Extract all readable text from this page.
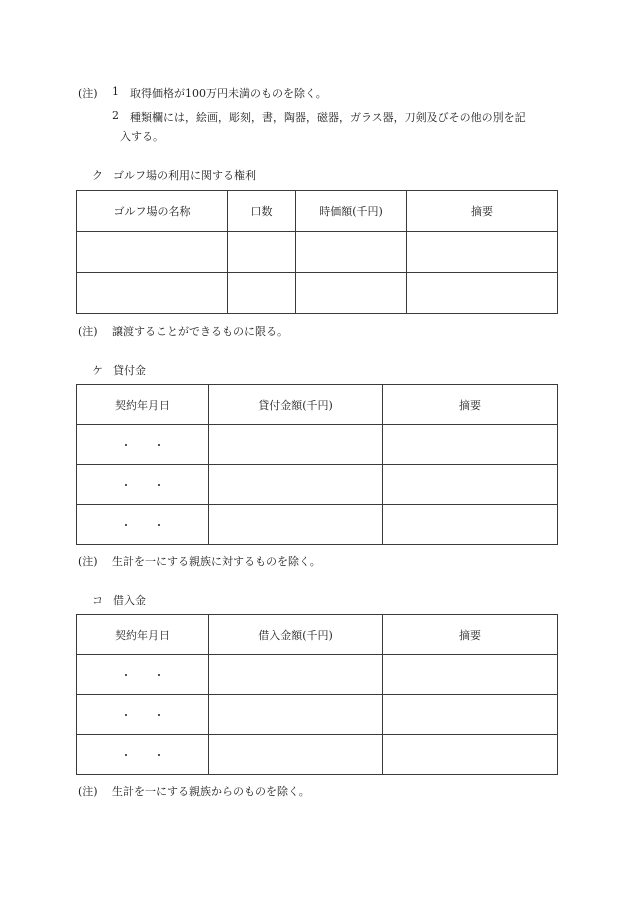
(注) 1 取得価格が100万円未満のものを除く。
2 種類欄には，絵画，彫刻，書，陶器，磁器，ガラス器，刀剣及びその他の別を記
入する。
ク ゴルフ場の利用に関する権利
ゴルフ場の名称	口数	時価額(千円)	摘要

(注) 譲渡することができるものに限る。
ケ 貸付金
契約年月日	貸付金額(千円)	摘要
・ ・		
・ ・		
・ ・		
(注) 生計を一にする親族に対するものを除く。
コ 借入金
契約年月日	借入金額(千円)	摘要
・ ・		
・ ・		
・ ・		
(注) 生計を一にする親族からのものを除く。
